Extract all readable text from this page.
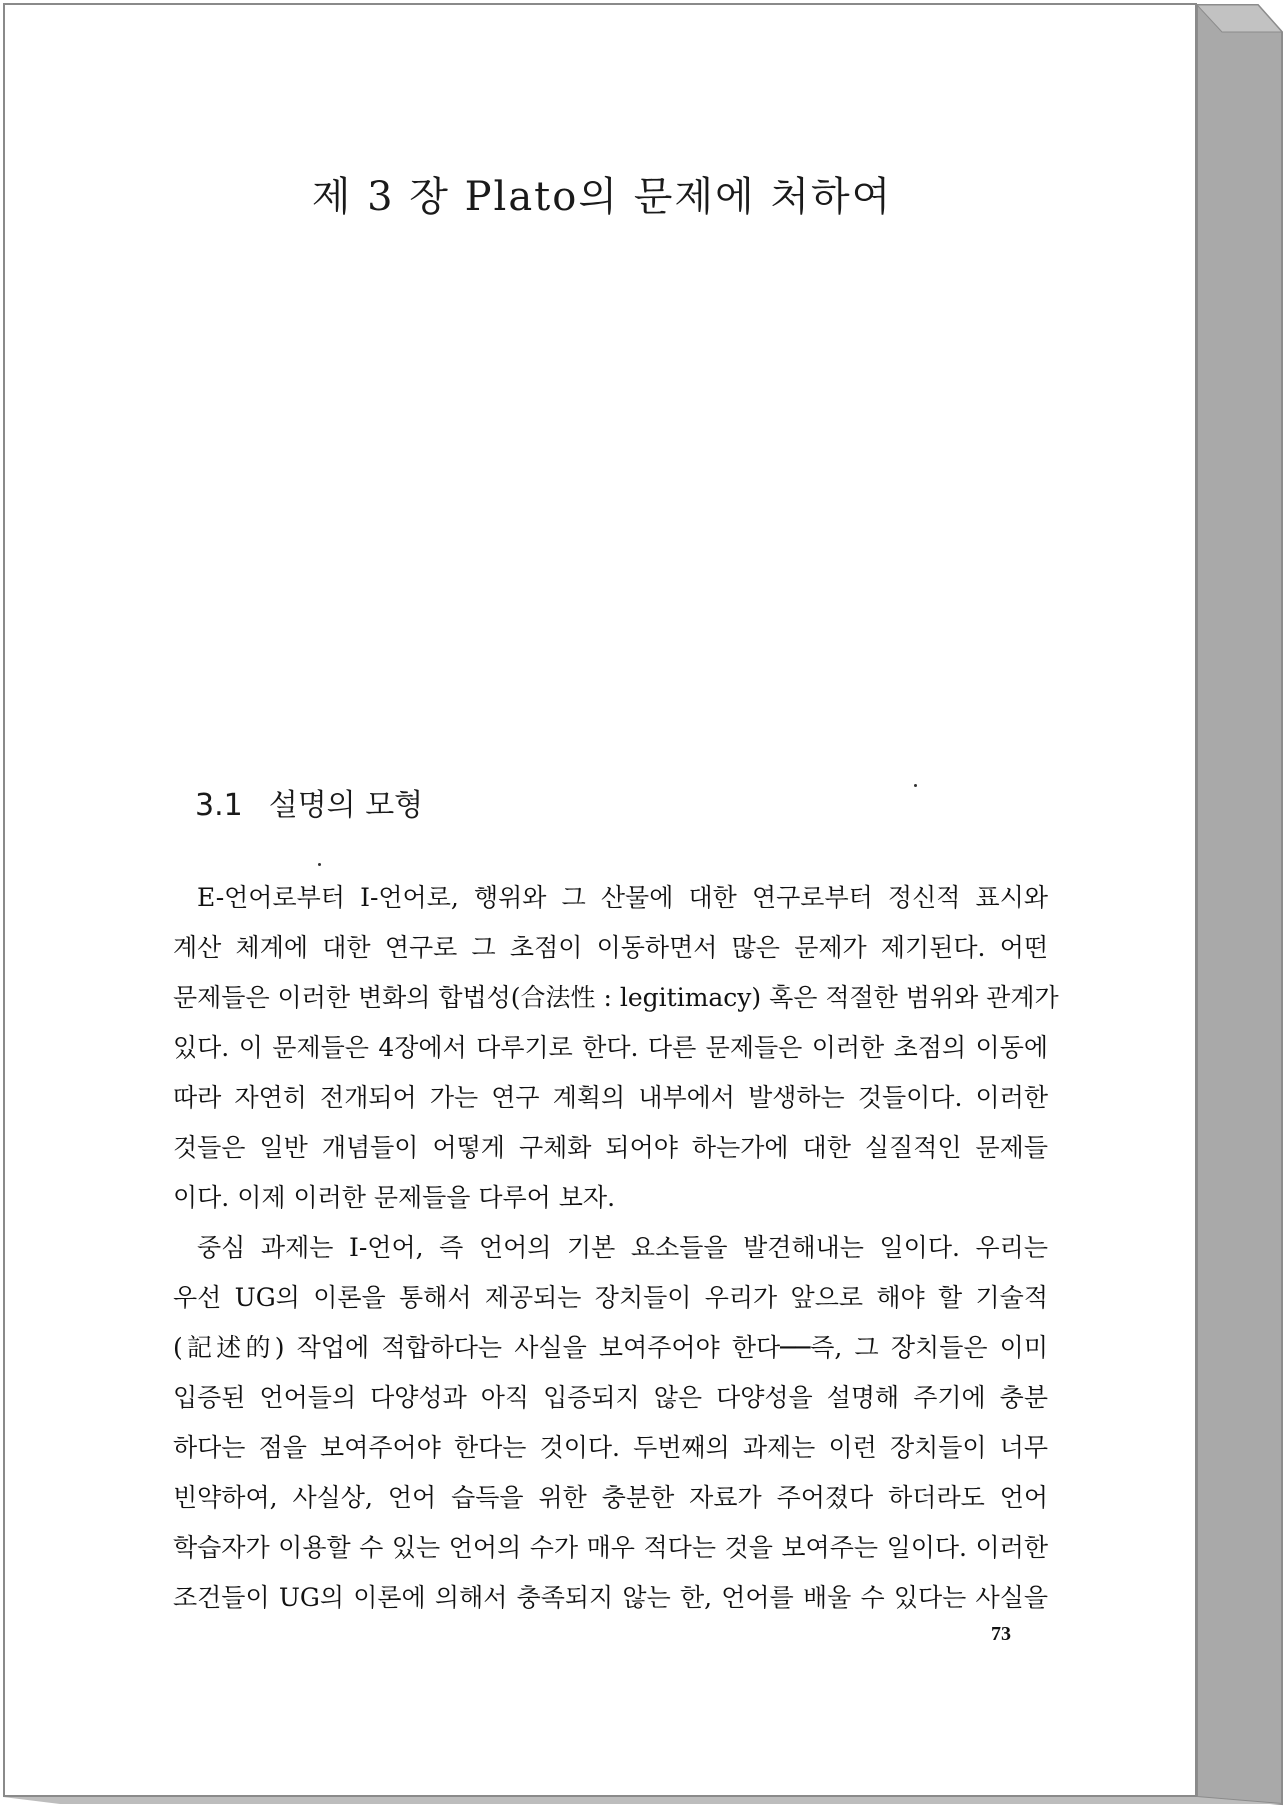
제 3 장 Plato의 문제에 처하여
3.1 설명의 모형
E-언어로부터 I-언어로, 행위와 그 산물에 대한 연구로부터 정신적 표시와
계산 체계에 대한 연구로 그 초점이 이동하면서 많은 문제가 제기된다. 어떤
문제들은 이러한 변화의 합법성(合法性 : legitimacy) 혹은 적절한 범위와 관계가
있다. 이 문제들은 4장에서 다루기로 한다. 다른 문제들은 이러한 초점의 이동에
따라 자연히 전개되어 가는 연구 계획의 내부에서 발생하는 것들이다. 이러한
것들은 일반 개념들이 어떻게 구체화 되어야 하는가에 대한 실질적인 문제들
이다. 이제 이러한 문제들을 다루어 보자.
중심 과제는 I-언어, 즉 언어의 기본 요소들을 발견해내는 일이다. 우리는
우선 UG의 이론을 통해서 제공되는 장치들이 우리가 앞으로 해야 할 기술적
(記述的) 작업에 적합하다는 사실을 보여주어야 한다──즉, 그 장치들은 이미
입증된 언어들의 다양성과 아직 입증되지 않은 다양성을 설명해 주기에 충분
하다는 점을 보여주어야 한다는 것이다. 두번째의 과제는 이런 장치들이 너무
빈약하여, 사실상, 언어 습득을 위한 충분한 자료가 주어졌다 하더라도 언어
학습자가 이용할 수 있는 언어의 수가 매우 적다는 것을 보여주는 일이다. 이러한
조건들이 UG의 이론에 의해서 충족되지 않는 한, 언어를 배울 수 있다는 사실을
73
